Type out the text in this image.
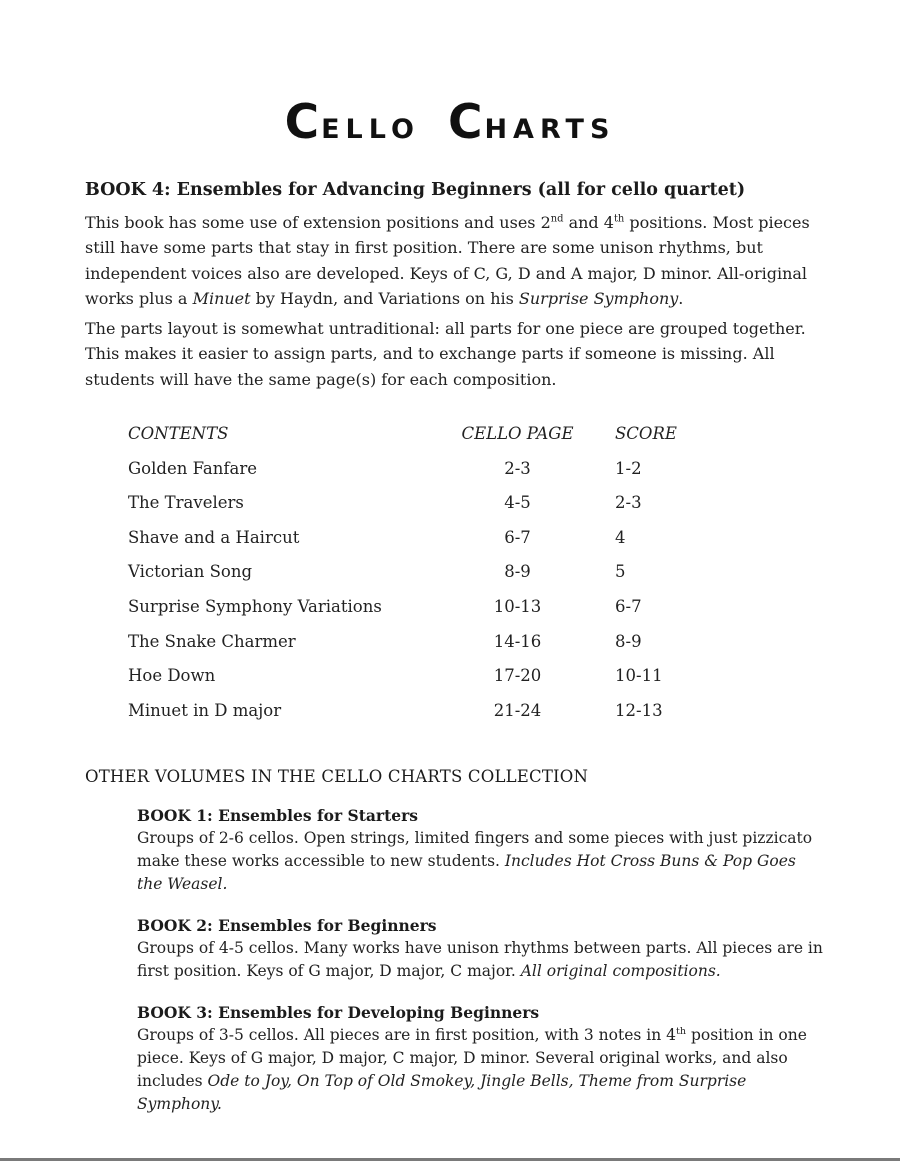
CELLO CHARTS
BOOK 4: Ensembles for Advancing Beginners (all for cello quartet)
This book has some use of extension positions and uses 2nd and 4th positions. Most pieces still have some parts that stay in first position. There are some unison rhythms, but independent voices also are developed. Keys of C, G, D and A major, D minor. All-original works plus a Minuet by Haydn, and Variations on his Surprise Symphony.
The parts layout is somewhat untraditional: all parts for one piece are grouped together. This makes it easier to assign parts, and to exchange parts if someone is missing. All students will have the same page(s) for each composition.
CONTENTS	CELLO PAGE	SCORE
Golden Fanfare	2-3	1-2
The Travelers	4-5	2-3
Shave and a Haircut	6-7	4
Victorian Song	8-9	5
Surprise Symphony Variations	10-13	6-7
The Snake Charmer	14-16	8-9
Hoe Down	17-20	10-11
Minuet in D major	21-24	12-13
OTHER VOLUMES IN THE CELLO CHARTS COLLECTION
BOOK 1: Ensembles for Starters
Groups of 2-6 cellos. Open strings, limited fingers and some pieces with just pizzicato make these works accessible to new students. Includes Hot Cross Buns & Pop Goes the Weasel.
BOOK 2: Ensembles for Beginners
Groups of 4-5 cellos. Many works have unison rhythms between parts. All pieces are in first position. Keys of G major, D major, C major. All original compositions.
BOOK 3: Ensembles for Developing Beginners
Groups of 3-5 cellos. All pieces are in first position, with 3 notes in 4th position in one piece. Keys of G major, D major, C major, D minor. Several original works, and also includes Ode to Joy, On Top of Old Smokey, Jingle Bells, Theme from Surprise Symphony.
